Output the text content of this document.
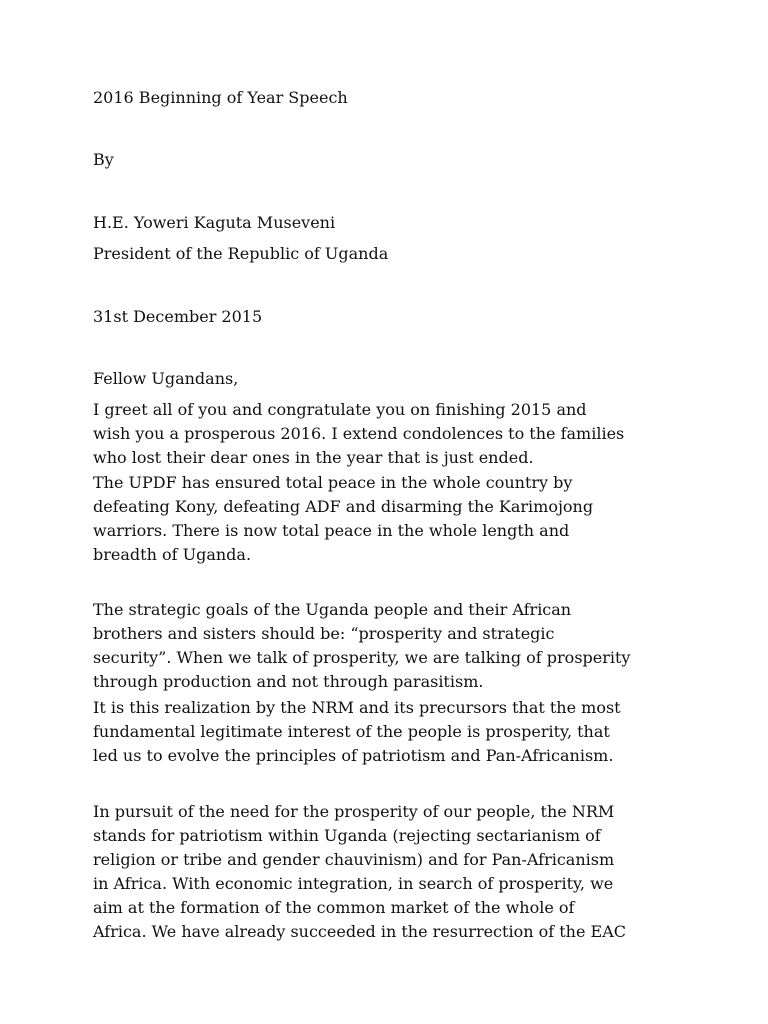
2016 Beginning of Year Speech

By

H.E. Yoweri Kaguta Museveni

President of the Republic of Uganda

31st December 2015

Fellow Ugandans,

I greet all of you and congratulate you on finishing 2015 and
wish you a prosperous 2016. I extend condolences to the families
who lost their dear ones in the year that is just ended.
The UPDF has ensured total peace in the whole country by
defeating Kony, defeating ADF and disarming the Karimojong
warriors. There is now total peace in the whole length and
breadth of Uganda.
The strategic goals of the Uganda people and their African
brothers and sisters should be: “prosperity and strategic
security”. When we talk of prosperity, we are talking of prosperity
through production and not through parasitism.
It is this realization by the NRM and its precursors that the most
fundamental legitimate interest of the people is prosperity, that
led us to evolve the principles of patriotism and Pan-Africanism.
In pursuit of the need for the prosperity of our people, the NRM
stands for patriotism within Uganda (rejecting sectarianism of
religion or tribe and gender chauvinism) and for Pan-Africanism
in Africa. With economic integration, in search of prosperity, we
aim at the formation of the common market of the whole of
Africa. We have already succeeded in the resurrection of the EAC
